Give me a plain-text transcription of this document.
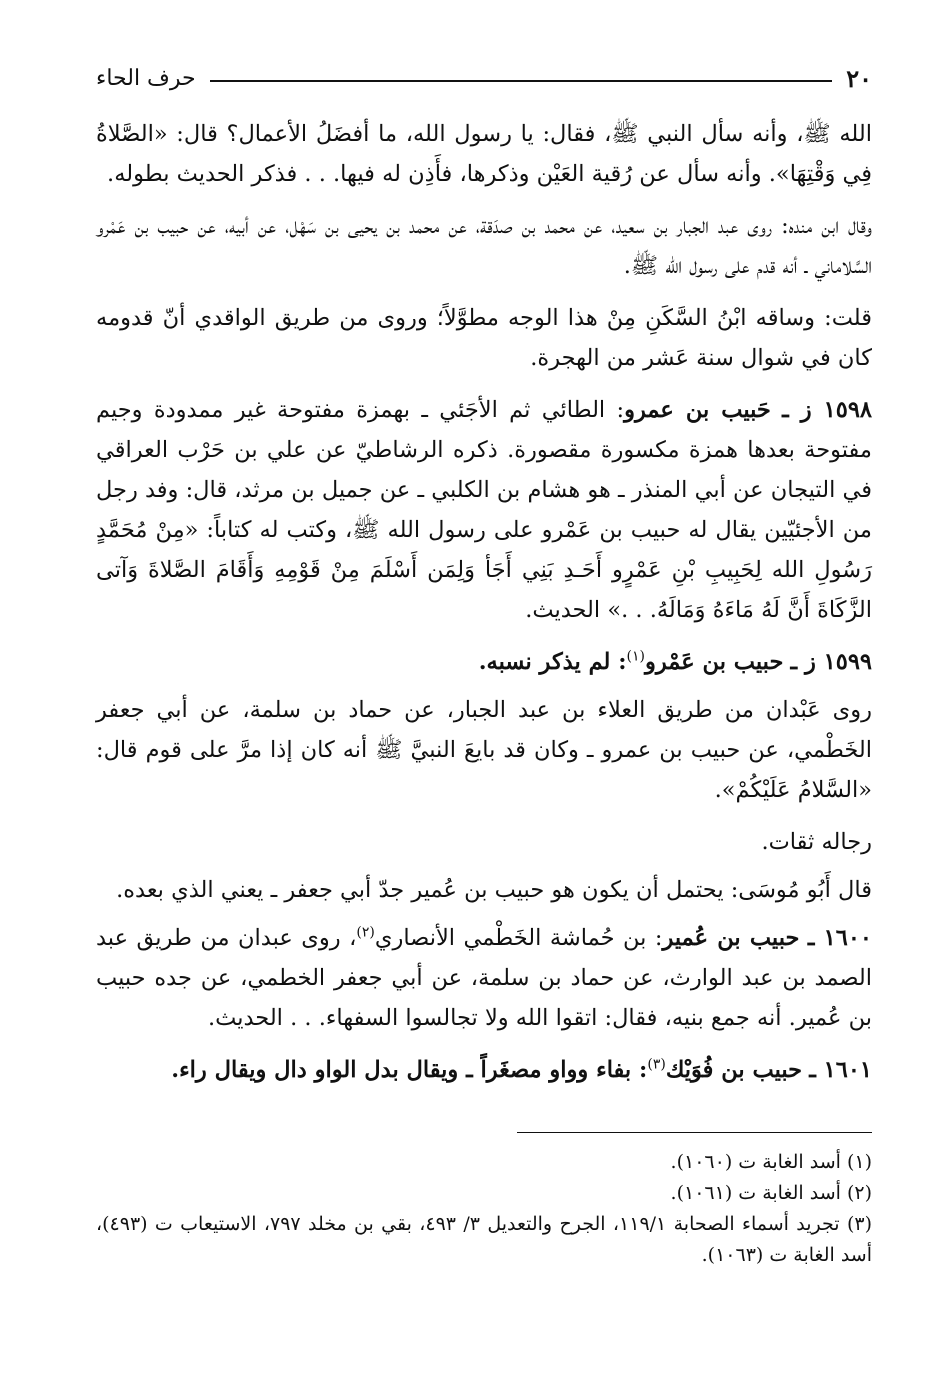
٢٠
حرف الحاء

الله ﷺ، وأنه سأل النبي ﷺ، فقال: يا رسول الله، ما أفضَلُ الأعمال؟ قال: «الصَّلاةُ فِي وَقْتِهَا». وأنه سأل عن رُقية العَيْن وذكرها، فأَذِن له فيها. . . فذكر الحديث بطوله.

وقال ابن منده: روى عبد الجبار بن سعيد، عن محمد بن صدَقة، عن محمد بن يحيى بن سَهْل، عن أبيه، عن حبيب بن عَمْرو السَّلاماني ـ أنه قدم على رسول الله ﷺ.

قلت: وساقه ابْنُ السَّكَنِ مِنْ هذا الوجه مطوَّلاً؛ وروى من طريق الواقدي أنّ قدومه كان في شوال سنة عَشر من الهجرة.

١٥٩٨ ز ـ حَبيب بن عمرو: الطائي ثم الأجَئي ـ بهمزة مفتوحة غير ممدودة وجيم مفتوحة بعدها همزة مكسورة مقصورة. ذكره الرشاطيّ عن علي بن حَرْب العراقي في التيجان عن أبي المنذر ـ هو هشام بن الكلبي ـ عن جميل بن مرثد، قال: وفد رجل من الأجئيّين يقال له حبيب بن عَمْرو على رسول الله ﷺ، وكتب له كتاباً: «مِنْ مُحَمَّدٍ رَسُولِ الله لِحَبِيبِ بْنِ عَمْرٍو أَحَـدِ بَنِي أَجَأ وَلِمَن أَسْلَمَ مِنْ قَوْمِهِ وَأَقَامَ الصَّلاةَ وَآتى الزَّكَاةَ أَنَّ لَهُ مَاءَهُ وَمَالَهُ. . .» الحديث.

١٥٩٩ ز ـ حبيب بن عَمْرو$^{(١)}$: لم يذكر نسبه.

روى عَبْدان من طريق العلاء بن عبد الجبار، عن حماد بن سلمة، عن أبي جعفر الخَطْمي، عن حبيب بن عمرو ـ وكان قد بايعَ النبيَّ ﷺ أنه كان إذا مرَّ على قوم قال: «السَّلامُ عَلَيْكُمْ».

رجاله ثقات.

قال أَبُو مُوسَى: يحتمل أن يكون هو حبيب بن عُمير جدّ أبي جعفر ـ يعني الذي بعده.

١٦٠٠ ـ حبيب بن عُمير: بن حُماشة الخَطْمي الأنصاري$^{(٢)}$، روى عبدان من طريق عبد الصمد بن عبد الوارث، عن حماد بن سلمة، عن أبي جعفر الخطمي، عن جده حبيب بن عُمير. أنه جمع بنيه، فقال: اتقوا الله ولا تجالسوا السفهاء. . . الحديث.

١٦٠١ ـ حبيب بن فُوَيْك$^{(٣)}$: بفاء وواو مصغَراً ـ ويقال بدل الواو دال ويقال راء.

(١) أسد الغابة ت (١٠٦٠).

(٢) أسد الغابة ت (١٠٦١).

(٣) تجريد أسماء الصحابة ١١٩/١، الجرح والتعديل ٣/ ٤٩٣، بقي بن مخلد ٧٩٧، الاستيعاب ت (٤٩٣)، أسد الغابة ت (١٠٦٣).
